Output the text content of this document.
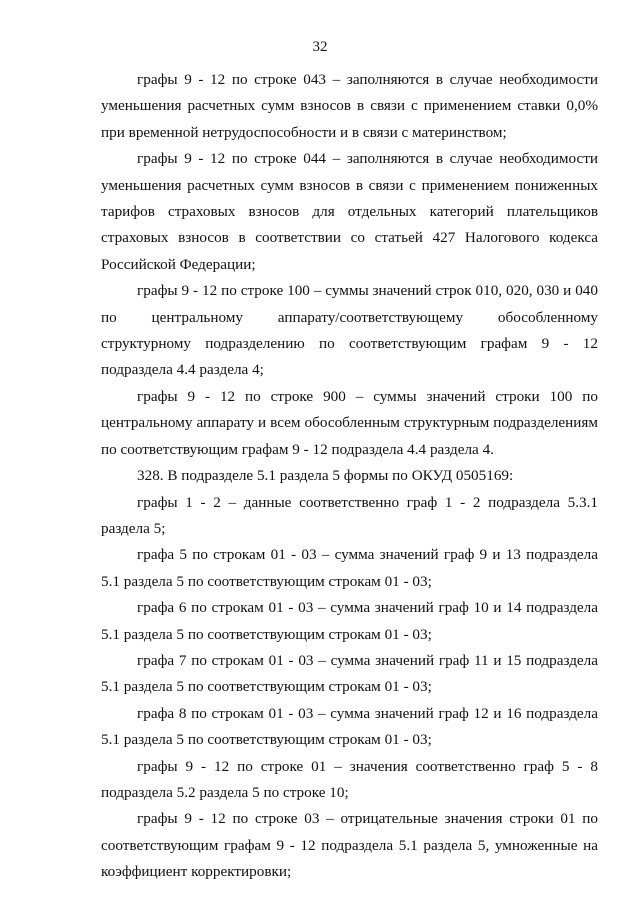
32

графы 9 - 12 по строке 043 – заполняются в случае необходимости уменьшения расчетных сумм взносов в связи с применением ставки 0,0% при временной нетрудоспособности и в связи с материнством;

графы 9 - 12 по строке 044 – заполняются в случае необходимости уменьшения расчетных сумм взносов в связи с применением пониженных тарифов страховых взносов для отдельных категорий плательщиков страховых взносов в соответствии со статьей 427 Налогового кодекса Российской Федерации;

графы 9 - 12 по строке 100 – суммы значений строк 010, 020, 030 и 040 по центральному аппарату/соответствующему обособленному структурному подразделению по соответствующим графам 9 - 12 подраздела 4.4 раздела 4;

графы 9 - 12 по строке 900 – суммы значений строки 100 по центральному аппарату и всем обособленным структурным подразделениям по соответствующим графам 9 - 12 подраздела 4.4 раздела 4.

328. В подразделе 5.1 раздела 5 формы по ОКУД 0505169:

графы 1 - 2 – данные соответственно граф 1 - 2 подраздела 5.3.1 раздела 5;

графа 5 по строкам 01 - 03 – сумма значений граф 9 и 13 подраздела 5.1 раздела 5 по соответствующим строкам 01 - 03;

графа 6 по строкам 01 - 03 – сумма значений граф 10 и 14 подраздела 5.1 раздела 5 по соответствующим строкам 01 - 03;

графа 7 по строкам 01 - 03 – сумма значений граф 11 и 15 подраздела 5.1 раздела 5 по соответствующим строкам 01 - 03;

графа 8 по строкам 01 - 03 – сумма значений граф 12 и 16 подраздела 5.1 раздела 5 по соответствующим строкам 01 - 03;

графы 9 - 12 по строке 01 – значения соответственно граф 5 - 8 подраздела 5.2 раздела 5 по строке 10;

графы 9 - 12 по строке 03 – отрицательные значения строки 01 по соответствующим графам 9 - 12 подраздела 5.1 раздела 5, умноженные на коэффициент корректировки;
